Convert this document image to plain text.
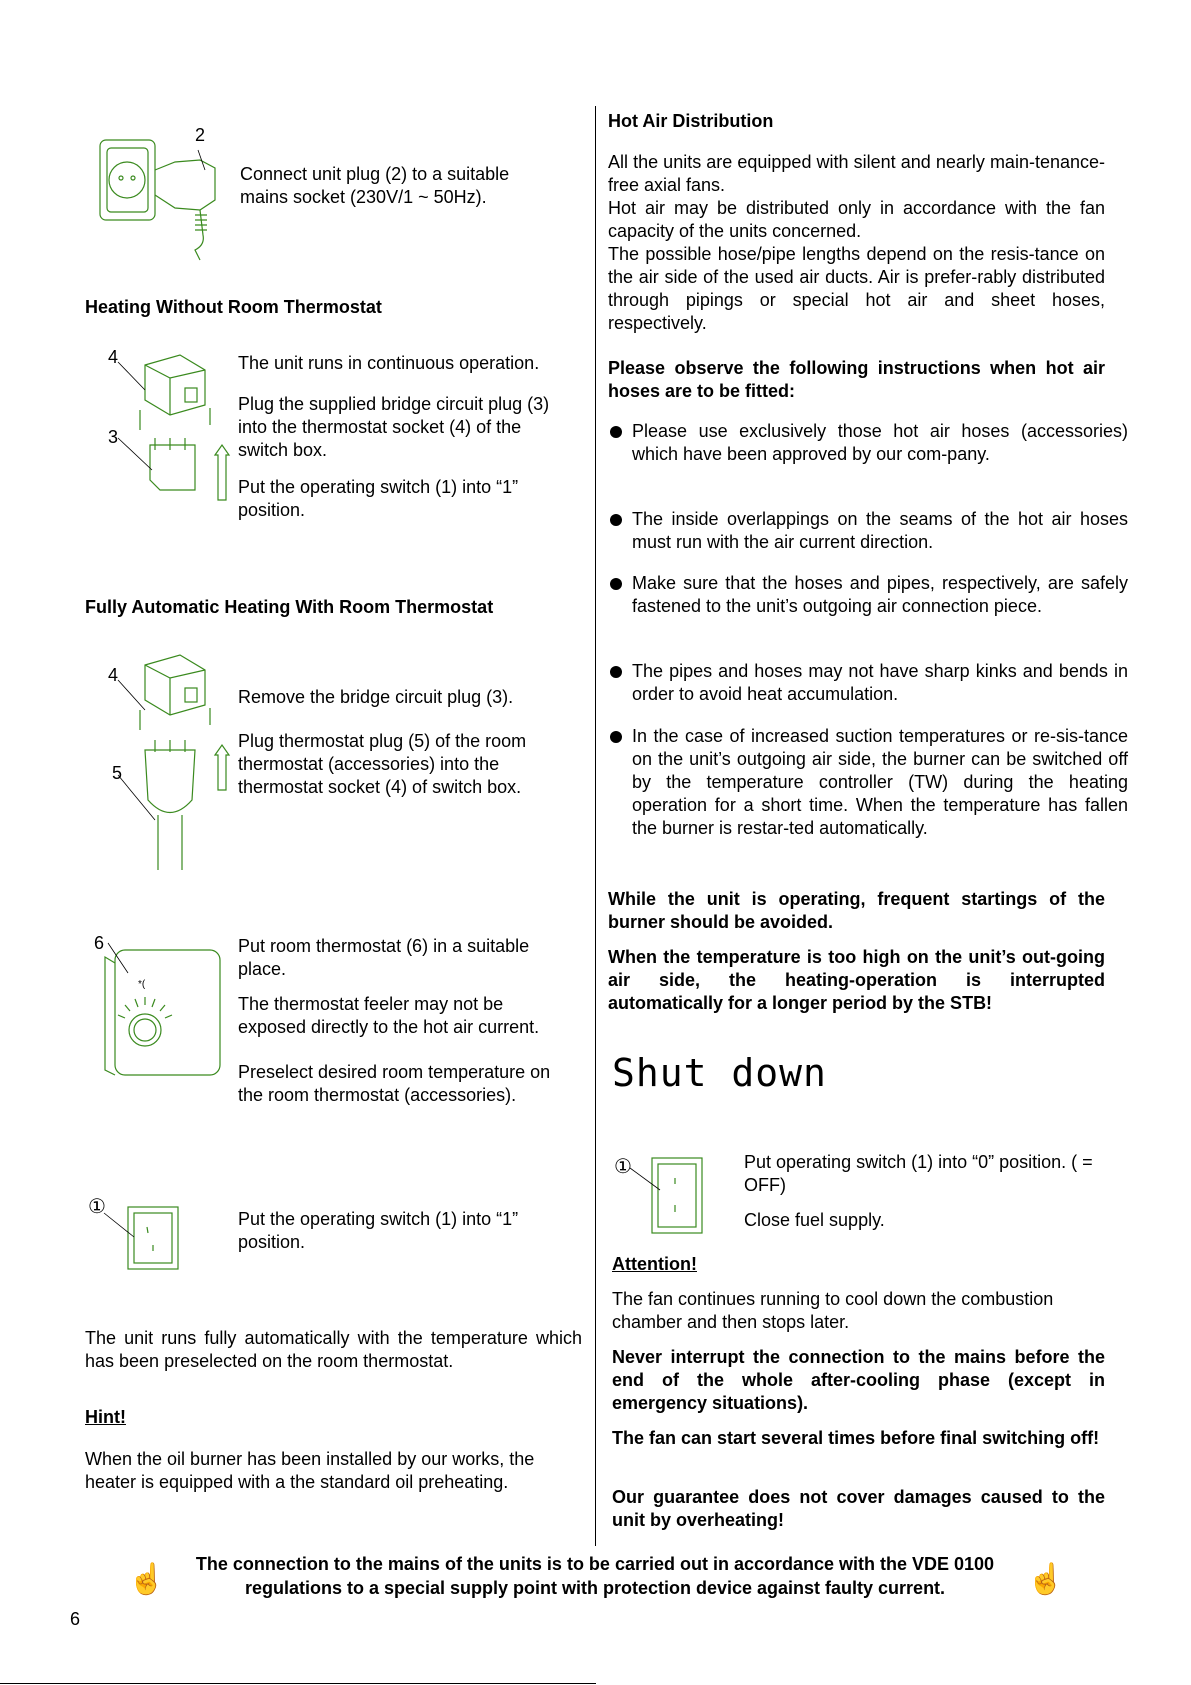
2

Connect unit plug (2) to a suitable mains socket (230V/1 ~ 50Hz).

Heating Without Room Thermostat
4
3

The unit runs in continuous operation.

Plug the supplied bridge circuit plug (3) into the thermostat socket (4) of the switch box.

Put the operating switch (1) into “1” position.

Fully Automatic Heating With Room Thermostat
4
5

Remove the bridge circuit plug (3).

Plug thermostat plug (5) of the room thermostat (accessories) into the thermostat socket (4) of switch box.

*(
6	Put room thermostat (6) in a suitable place.

The thermostat feeler may not be exposed directly to the hot air current.

Preselect desired room temperature on the room thermostat (accessories).

①

Put the operating switch (1) into “1” position.

The unit runs fully automatically with the temperature which has been preselected on the room thermostat.

Hint!

When the oil burner has been installed by our works, the heater is equipped with a the standard oil preheating.

Hot Air Distribution

All the units are equipped with silent and nearly main-tenance-free axial fans.

Hot air may be distributed only in accordance with the fan capacity of the units concerned.

The possible hose/pipe lengths depend on the resis-tance on the air side of the used air ducts. Air is prefer-rably distributed through pipings or special hot air and sheet hoses, respectively.

Please observe the following instructions when hot air hoses are to be fitted:

Please use exclusively those hot air hoses (accessories) which have been approved by our com-pany.
The inside overlappings on the seams of the hot air hoses must run with the air current direction.
Make sure that the hoses and pipes, respectively, are safely fastened to the unit’s outgoing air connection piece.
The pipes and hoses may not have sharp kinks and bends in order to avoid heat accumulation.
In the case of increased suction temperatures or re-sis-tance on the unit’s outgoing air side, the burner can be switched off by the temperature controller (TW) during the heating operation for a short time. When the temperature has fallen the burner is restar-ted automatically.

While the unit is operating, frequent startings of the burner should be avoided.

When the temperature is too high on the unit’s out-going air side, the heating-operation is interrupted automatically for a longer period by the STB!

Shut down
①	Put operating switch (1) into “0” position. ( = OFF)

Close fuel supply.

Attention!

The fan continues running to cool down the combustion chamber and then stops later.

Never interrupt the connection to the mains before the end of the whole after-cooling phase (except in emergency situations).

The fan can start several times before final switching off!

Our guarantee does not cover damages caused to the unit by overheating!

☝	The connection to the mains of the units is to be carried out in accordance with the VDE 0100 regulations to a special supply point with protection device against faulty current.	☝
6
